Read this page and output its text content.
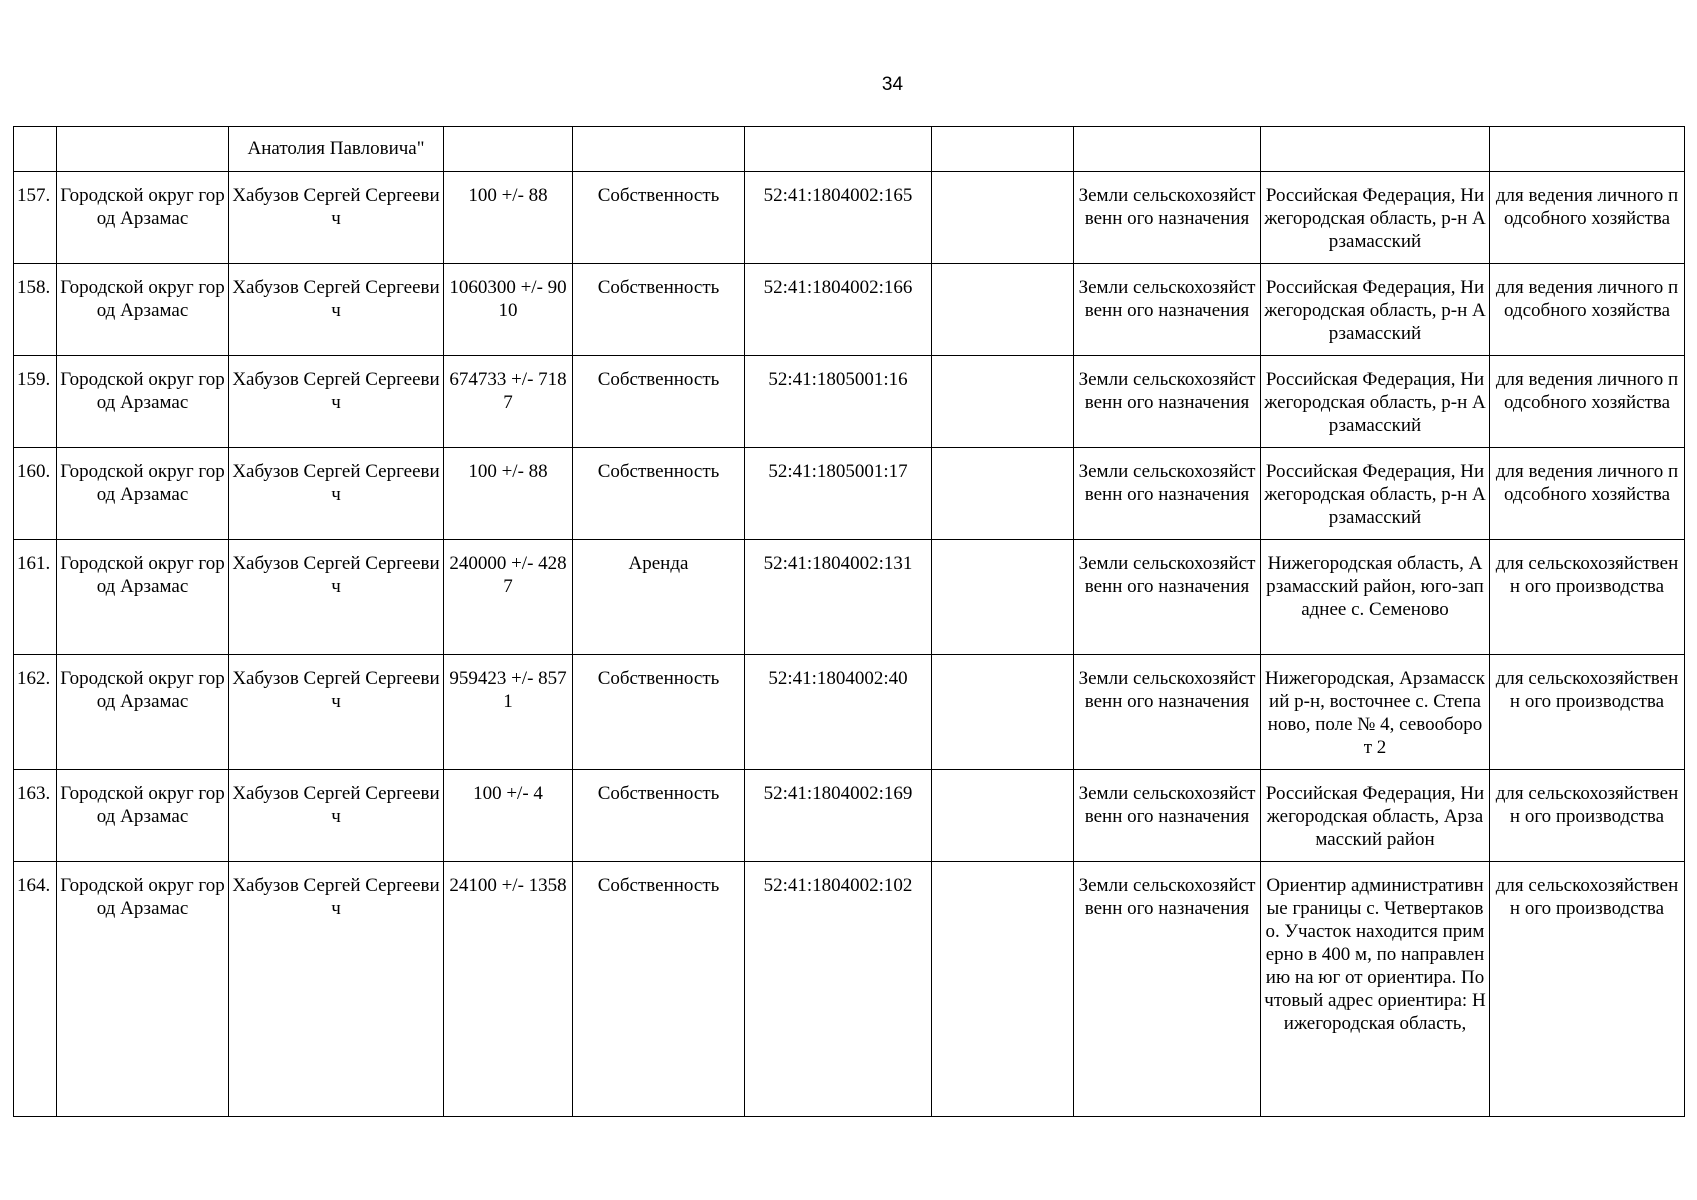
34
		Анатолия Павловича"							
157.	Городской округ город Арзамас	Хабузов Сергей Сергеевич	100 +/- 88	Собственность	52:41:1804002:165		Земли сельскохозяйственн ого назначения	Российская Федерация, Нижегородская область, р-н Арзамасский	для ведения личного подсобного хозяйства
158.	Городской округ город Арзамас	Хабузов Сергей Сергеевич	1060300 +/- 9010	Собственность	52:41:1804002:166		Земли сельскохозяйственн ого назначения	Российская Федерация, Нижегородская область, р-н Арзамасский	для ведения личного подсобного хозяйства
159.	Городской округ город Арзамас	Хабузов Сергей Сергеевич	674733 +/- 7187	Собственность	52:41:1805001:16		Земли сельскохозяйственн ого назначения	Российская Федерация, Нижегородская область, р-н Арзамасский	для ведения личного подсобного хозяйства
160.	Городской округ город Арзамас	Хабузов Сергей Сергеевич	100 +/- 88	Собственность	52:41:1805001:17		Земли сельскохозяйственн ого назначения	Российская Федерация, Нижегородская область, р-н Арзамасский	для ведения личного подсобного хозяйства
161.	Городской округ город Арзамас	Хабузов Сергей Сергеевич	240000 +/- 4287	Аренда	52:41:1804002:131		Земли сельскохозяйственн ого назначения	Нижегородская область, Арзамасский район, юго-западнее с. Семеново	для сельскохозяйственн ого производства
162.	Городской округ город Арзамас	Хабузов Сергей Сергеевич	959423 +/- 8571	Собственность	52:41:1804002:40		Земли сельскохозяйственн ого назначения	Нижегородская, Арзамасский р-н, восточнее с. Степаново, поле № 4, севооборот 2	для сельскохозяйственн ого производства
163.	Городской округ город Арзамас	Хабузов Сергей Сергеевич	100 +/- 4	Собственность	52:41:1804002:169		Земли сельскохозяйственн ого назначения	Российская Федерация, Нижегородская область, Арзамасский район	для сельскохозяйственн ого производства
164.	Городской округ город Арзамас	Хабузов Сергей Сергеевич	24100 +/- 1358	Собственность	52:41:1804002:102		Земли сельскохозяйственн ого назначения	Ориентир административные границы с. Четвертаково. Участок находится примерно в 400 м, по направлению на юг от ориентира. Почтовый адрес ориентира: Нижегородская область,	для сельскохозяйственн ого производства
